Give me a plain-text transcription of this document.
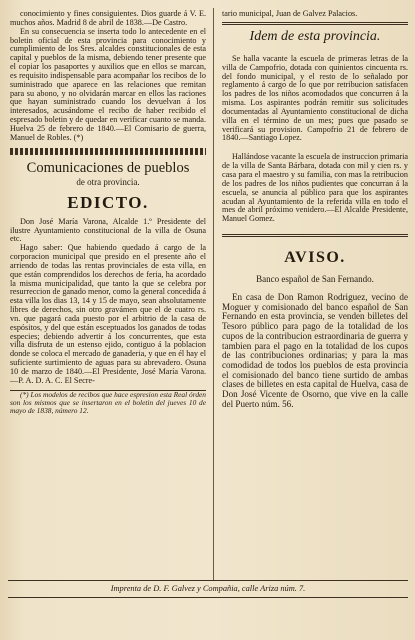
conocimiento y fines consiguientes. Dios guarde á V. E. muchos años. Madrid 8 de abril de 1838.—De Castro.

En su consecuencia se inserta todo lo antecedente en el boletin oficial de esta provincia para conocimiento y cumplimiento de los Sres. alcaldes constitucionales de esta capital y pueblos de la misma, debiendo tener presente que el copiar los pasaportes y auxilios que en ellos se marcan, es requisito indispensable para acompañar los recibos de lo suministrado que aparece en las relaciones que remitan para su abono, y no olvidarán marcar en ellos las raciones que hayan suministrado cuando los devuelvan á los interesados, acusándome el recibo de haber recibido el espresado boletin y de quedar en verificar cuanto se manda. Huelva 25 de febrero de 1840.—El Comisario de guerra, Manuel de Robles. (*)

Comunicaciones de pueblos
de otra provincia.
EDICTO.

Don José María Varona, Alcalde 1.º Presidente del ilustre Ayuntamiento constitucional de la villa de Osuna etc.

Hago saber: Que habiendo quedado á cargo de la corporacion municipal que presido en el presente año el arriendo de todas las rentas provinciales de esta villa, en que están comprendidos los derechos de feria, ha acordado la misma municipalidad, que tanto la que se celebra por resurreccion de ganado menor, como la general concedida á esta villa los dias 13, 14 y 15 de mayo, sean absolutamente libres de derechos, sin otro gravámen que el de cuatro rs. vn. que pagará cada puesto por el arbitrio de la casa de espósitos, y del que están esceptuados los ganados de todas especies; debiendo advertir á los concurrentes, que esta villa disfruta de un estenso ejido, contiguo á la poblacion donde se coloca el mercado de ganaderia, y que en él hay el suficiente surtimiento de aguas para su abrevadero. Osuna 10 de marzo de 1840.—El Presidente, José María Varona.—P. A. D. A. C. El Secre-

(*) Los modelos de recibos que hace espresion esta Real órden son los mismos que se insertaron en el boletin del jueves 10 de mayo de 1838, número 12.

tario municipal, Juan de Galvez Palacios.

Idem de esta provincia.

Se halla vacante la escuela de primeras letras de la villa de Campofrio, dotada con quinientos cincuenta rs. del fondo municipal, y el resto de lo señalado por reglamento á cargo de lo que por retribucion satisfacen los padres de los niños acomodados que concurren á la misma. Los aspirantes podrán remitir sus solicitudes documentadas al Ayuntamiento constitucional de dicha villa en el término de un mes; pues que pasado se verificará su provision. Campofrio 21 de febrero de 1840.—Santiago Lopez.

Hallándose vacante la escuela de instruccion primaria de la villa de Santa Bárbara, dotada con mil y cien rs. y casa para el maestro y su familia, con mas la retribucion de los padres de los niños pudientes que concurran á la escuela, se anuncia al público para que los aspirantes acudan al Ayuntamiento de la referida villa en todo el mes de abril próximo venidero.—El Alcalde Presidente, Manuel Gomez.

AVISO.
Banco español de San Fernando.

En casa de Don Ramon Rodriguez, vecino de Moguer y comisionado del banco español de San Fernando en esta provincia, se venden billetes del Tesoro público para pago de la totalidad de los cupos de la contribucion estraordinaria de guerra y tambien para el pago en la totalidad de los cupos de las contribuciones ordinarias; y para la mas comodidad de todos los pueblos de esta provincia el comisionado del banco tiene surtido de ambas clases de billetes en esta capital de Huelva, casa de Don José Vicente de Osorno, que vive en la calle del Puerto núm. 56.

Imprenta de D. F. Galvez y Compañia, calle Ariza núm. 7.
